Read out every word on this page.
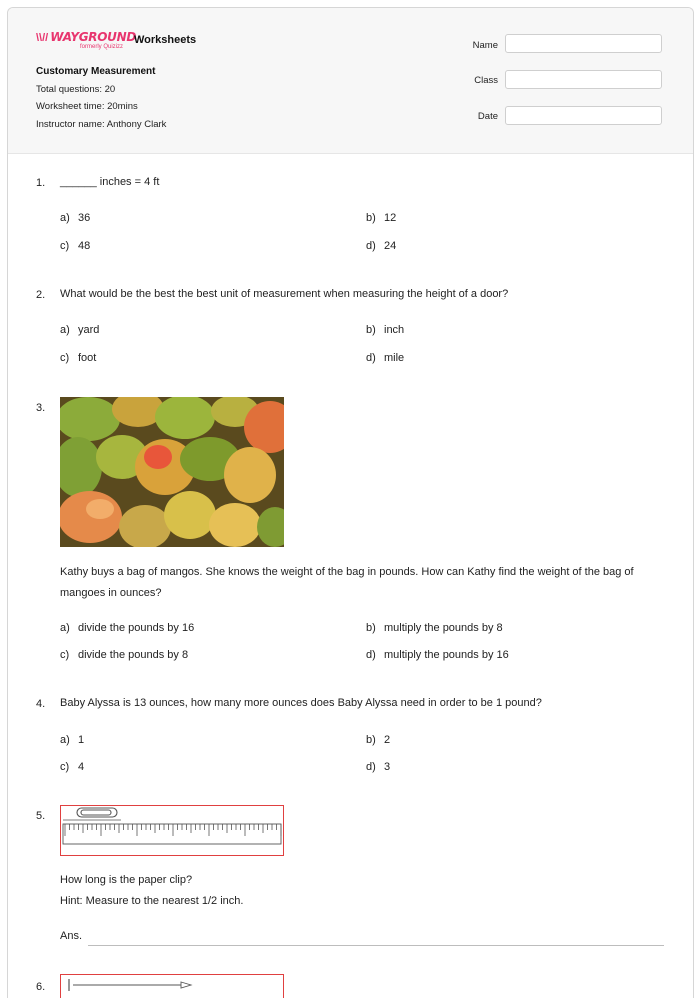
\\// WAYGROUND
formerly Quizizz
Worksheets
Customary Measurement
Total questions: 20
Worksheet time: 20mins
Instructor name: Anthony Clark
Name
Class
Date
1. ______ inches = 4 ft
a) 36	b) 12
c) 48	d) 24
2. What would be the best the best unit of measurement when measuring the height of a door?
a) yard	b) inch
c) foot	d) mile
3.
Kathy buys a bag of mangos. She knows the weight of the bag in pounds. How can Kathy find the weight of the bag of mangoes in ounces?
a) divide the pounds by 16	b) multiply the pounds by 8
c) divide the pounds by 8	d) multiply the pounds by 16
4. Baby Alyssa is 13 ounces, how many more ounces does Baby Alyssa need in order to be 1 pound?
a) 1	b) 2
c) 4	d) 3
5.
How long is the paper clip?
Hint: Measure to the nearest 1/2 inch.
Ans.
6.
